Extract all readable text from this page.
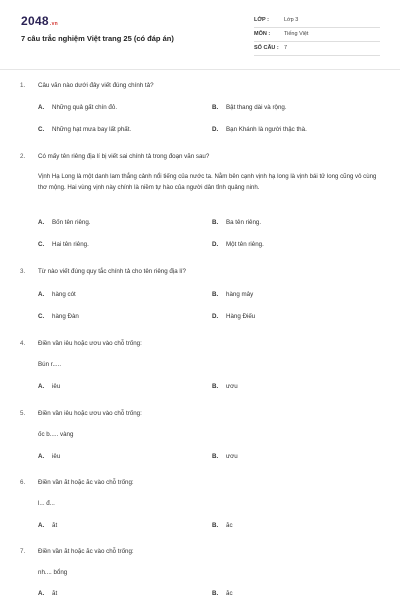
2048.vn
7 câu trắc nghiệm Việt trang 25 (có đáp án)
LỚP :	Lớp 3
MÔN :	Tiếng Việt
SỐ CÂU : 7
1. Câu văn nào dưới đây viết đúng chính tả?
A. Những quả gất chín đỏ.	B. Bật thang dài và rộng.
C. Những hạt mưa bay lất phất.	D. Bạn Khánh là người thậc thà.
2. Có mấy tên riêng địa lí bị viết sai chính tả trong đoạn văn sau?
Vịnh Hạ Long là một danh lam thắng cảnh nổi tiếng của nước ta. Nằm bên cạnh vịnh hạ long là vịnh bái tử long cũng vô cùng thơ mộng. Hai vùng vịnh này chính là niềm tự hào của người dân tỉnh quảng ninh.
A. Bốn tên riêng.	B. Ba tên riêng.
C. Hai tên riêng.	D. Một tên riêng.
3. Từ nào viết đúng quy tắc chính tả cho tên riêng địa lí?
A. hàng cót	B. hàng mây
C. hàng Đàn	D. Hàng Điếu
4. Điền vần iêu hoặc ươu vào chỗ trống:
Bún r.....
A. iêu	B. ươu
5. Điền vần iêu hoặc ươu vào chỗ trống:
ốc b..... vàng
A. iêu	B. ươu
6. Điền vần ăt hoặc ăc vào chỗ trống:
l... đ...
A. ăt	B. ăc
7. Điền vần ăt hoặc ăc vào chỗ trống:
nh.... bổng
A. ăt	B. ăc
